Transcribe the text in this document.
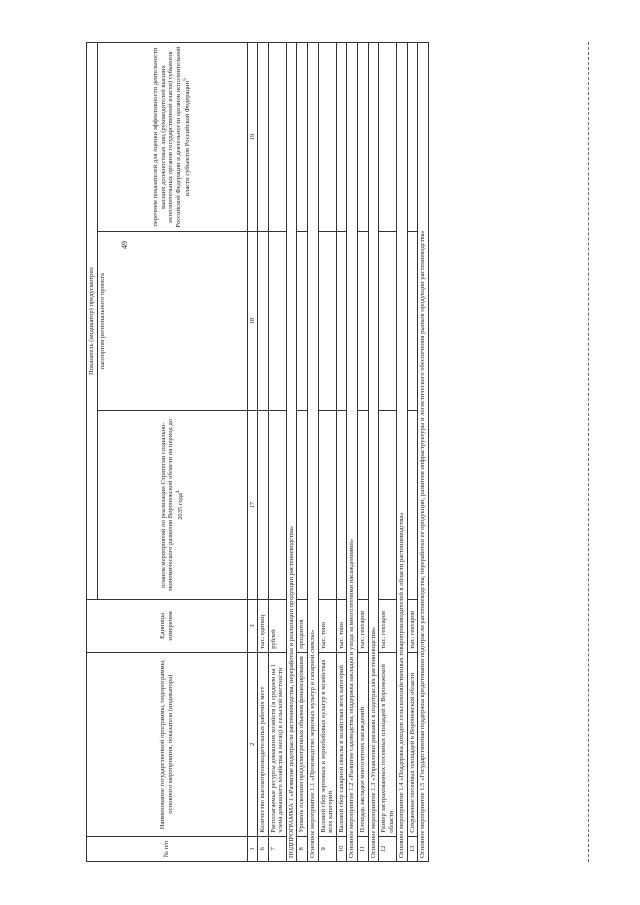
49
№ п/п	Наименование государственной программы, подпрограммы, основного мероприятия, показателя (индикатора)	Единицы измерения	Показатель (индикатор) предусмотрен		
			планом мероприятий по реализации Стратегии социально-экономического развития Воронежской области на период до 2035 года$^4$	паспортом регионального проекта	перечнем показателей для оценки эффективности деятельности высших должностных лиц (руководителей высших исполнительных органов государственной власти) субъектов Российской Федерации и деятельности органов исполнительной власти субъектов Российской Федерации$^5$
1	2	3	17	18	19
6	Количество высокопроизводительных рабочих мест	тыс. единиц			
7	Располагаемые ресурсы домашних хозяйств (в среднем на 1 члена домашнего хозяйства в месяц) в сельской местности	рублей			
ПОДПРОГРАММА 1 «Развитие подотрасли растениеводства, переработки и реализации продукции растениеводства»					
8	Уровень освоения предусмотренных объемов финансирования	процентов			
Основное мероприятие 1.1 «Производство зерновых культур и сахарной свеклы»					
9	Валовой сбор зерновых и зернобобовых культур в хозяйствах всех категорий	тыс. тонн			
10	Валовой сбор сахарной свеклы в хозяйствах всех категорий	тыс. тонн			
Основное мероприятие 1.2 «Развитие садоводства, поддержка закладки и ухода за многолетними насаждениями»					
11	Площадь закладки многолетних насаждений	тыс. гектаров			
Основное мероприятие 1.3 «Управление рисками в подотраслях растениеводства»					
12	Размер застрахованных посевных площадей в Воронежской области	тыс. гектаров			
Основное мероприятие 1.4 «Поддержка доходов сельскохозяйственных товаропроизводителей в области растениеводства»					
13	Сохранение посевных площадей в Воронежской области	тыс. гектаров			
Основное мероприятие 1.5 «Государственная поддержка кредитования подотрасли растениеводства, переработки ее продукции, развития инфраструктуры и логистического обеспечения рынков продукции растениеводства»					
